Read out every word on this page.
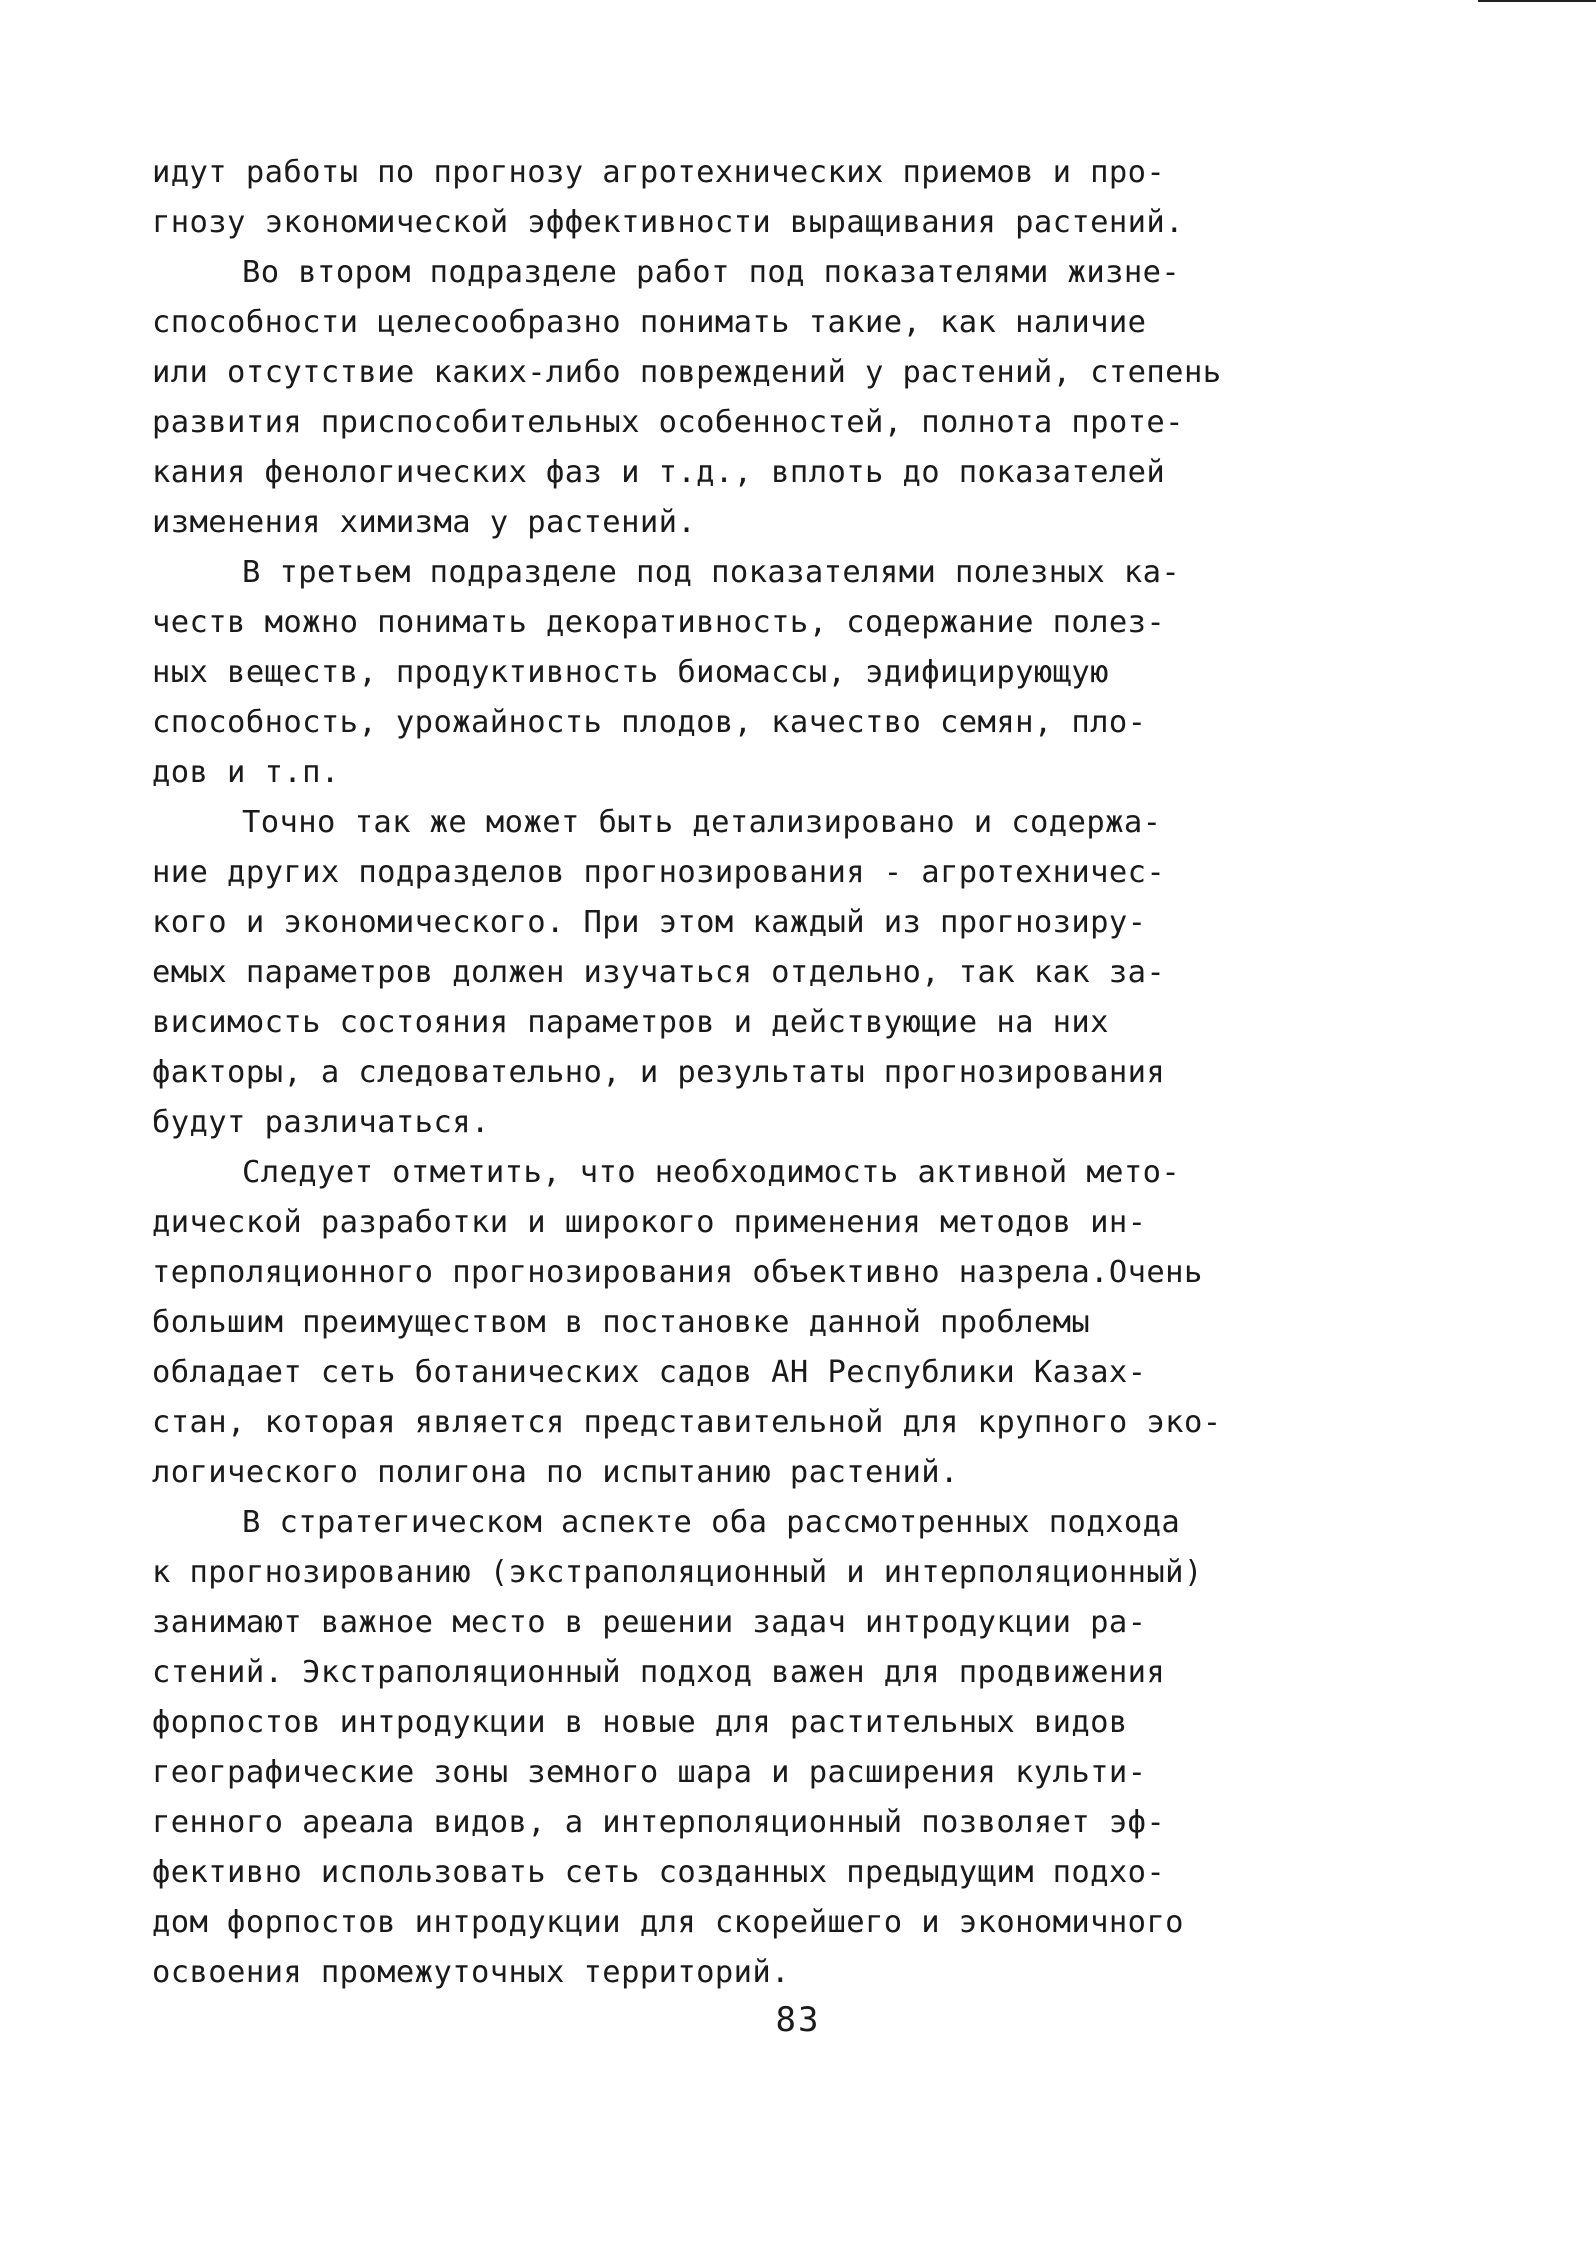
идут работы по прогнозу агротехнических приемов и про-
гнозу экономической эффективности выращивания растений.
Во втором подразделе работ под показателями жизне-
способности целесообразно понимать такие, как наличие
или отсутствие каких-либо повреждений у растений, степень
развития приспособительных особенностей, полнота проте-
кания фенологических фаз и т.д., вплоть до показателей
изменения химизма у растений.
В третьем подразделе под показателями полезных ка-
честв можно понимать декоративность, содержание полез-
ных веществ, продуктивность биомассы, эдифицирующую
способность, урожайность плодов, качество семян, пло-
дов и т.п.
Точно так же может быть детализировано и содержа-
ние других подразделов прогнозирования - агротехничес-
кого и экономического. При этом каждый из прогнозиру-
емых параметров должен изучаться отдельно, так как за-
висимость состояния параметров и действующие на них
факторы, а следовательно, и результаты прогнозирования
будут различаться.
Следует отметить, что необходимость активной мето-
дической разработки и широкого применения методов ин-
терполяционного прогнозирования объективно назрела.Очень
большим преимуществом в постановке данной проблемы
обладает сеть ботанических садов АН Республики Казах-
стан, которая является представительной для крупного эко-
логического полигона по испытанию растений.
В стратегическом аспекте оба рассмотренных подхода
к прогнозированию (экстраполяционный и интерполяционный)
занимают важное место в решении задач интродукции ра-
стений. Экстраполяционный подход важен для продвижения
форпостов интродукции в новые для растительных видов
географические зоны земного шара и расширения культи-
генного ареала видов, а интерполяционный позволяет эф-
фективно использовать сеть созданных предыдущим подхо-
дом форпостов интродукции для скорейшего и экономичного
освоения промежуточных территорий.
83
